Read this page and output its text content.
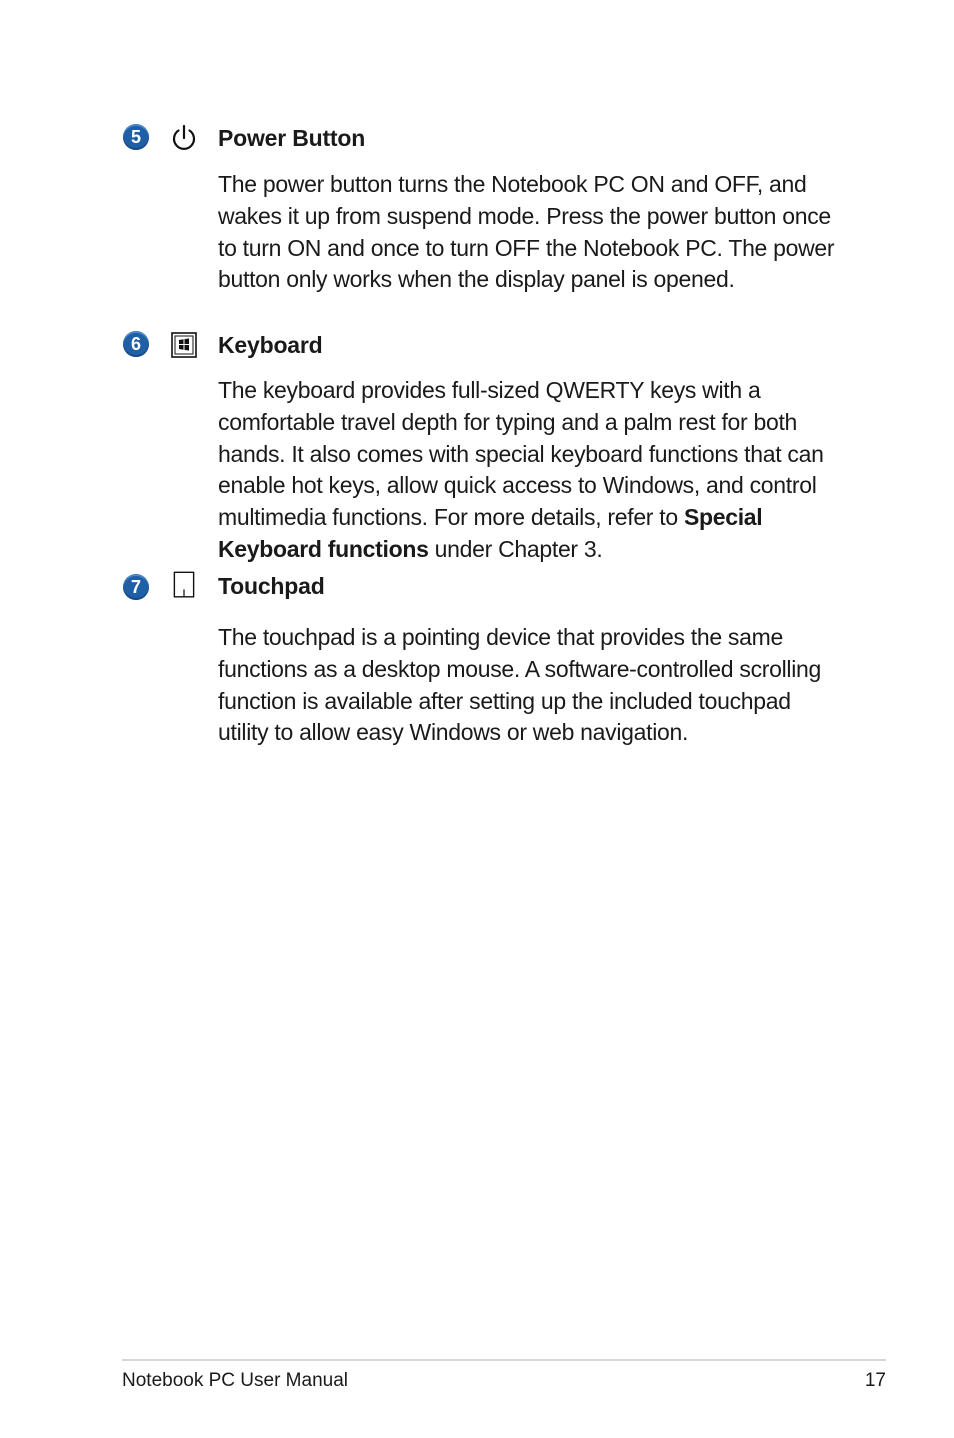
5	Power Button

The power button turns the Notebook PC ON and OFF, and wakes it up from suspend mode. Press the power button once to turn ON and once to turn OFF the Notebook PC. The power button only works when the display panel is opened.

6	Keyboard

The keyboard provides full-sized QWERTY keys with a comfortable travel depth for typing and a palm rest for both hands. It also comes with special keyboard functions that can enable hot keys, allow quick access to Windows, and control multimedia functions. For more details, refer to Special Keyboard functions under Chapter 3.

7	Touchpad

The touchpad is a pointing device that provides the same functions as a desktop mouse. A software-controlled scrolling function is available after setting up the included touchpad utility to allow easy Windows or web navigation.

Notebook PC User Manual	17
